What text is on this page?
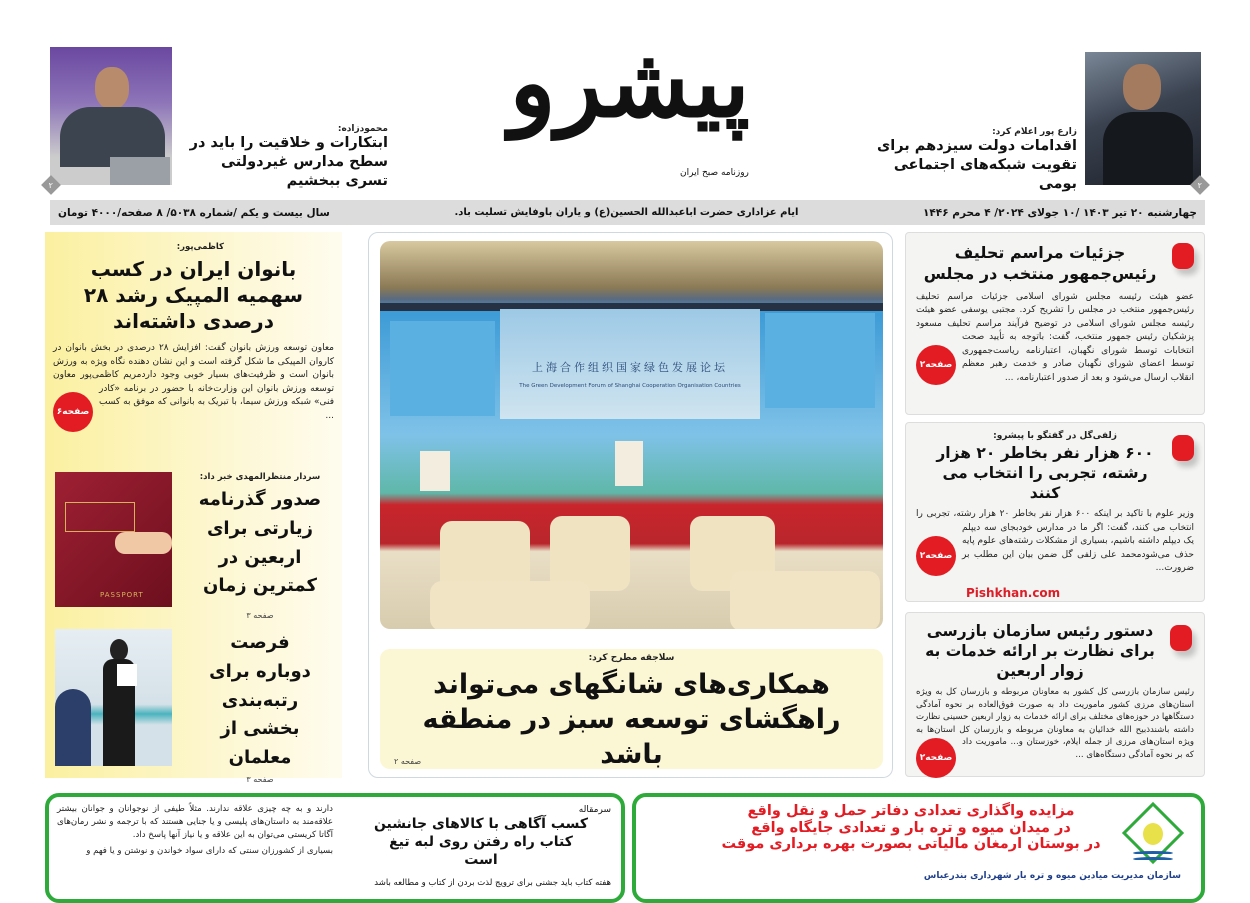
۲
زارع پور اعلام کرد:
اقدامات دولت سیزدهم برای تقویت شبکه‌های اجتماعی بومی
پیشرو
روزنامه صبح ایران
۲
محمودزاده:
ابتکارات و خلاقیت را باید در سطح مدارس غیردولتی تسری ببخشیم
چهارشنبه ۲۰ تیر ۱۴۰۳ /۱۰ جولای ۲۰۲۴/ ۴ محرم ۱۴۴۶
ایام عزاداری حضرت اباعبدالله الحسین(ع) و یاران باوفایش تسلیت باد.
سال بیست و یکم /شماره ۵۰۳۸/ ۸ صفحه/۴۰۰۰ تومان
جزئیات مراسم تحلیف رئیس‌جمهور منتخب در مجلس
صفحه۲
عضو هیئت رئیسه مجلس شورای اسلامی جزئیات مراسم تحلیف رئیس‌جمهور منتخب در مجلس را تشریح کرد. مجتبی یوسفی عضو هیئت رئیسه مجلس شورای اسلامی در توضیح فرآیند مراسم تحلیف مسعود پزشکیان رئیس جمهور منتخب، گفت: باتوجه به تأیید صحت انتخابات توسط شورای نگهبان، اعتبارنامه ریاست‌جمهوری توسط اعضای شورای نگهبان صادر و خدمت رهبر معظم انقلاب ارسال می‌شود و بعد از صدور اعتبارنامه، ...
زلفی‌گل در گفتگو با پیشرو:
۶۰۰ هزار نفر بخاطر ۲۰ هزار رشته، تجربی را انتخاب می کنند
صفحه۲
وزیر علوم با تاکید بر اینکه ۶۰۰ هزار نفر بخاطر ۲۰ هزار رشته، تجربی را انتخاب می کنند، گفت: اگر ما در مدارس خودبجای سه دیپلم یک دیپلم داشته باشیم، بسیاری از مشکلات رشته‌های علوم پایه حذف می‌شودمحمد علی زلفی گل ضمن بیان این مطلب بر ضرورت...
Pishkhan.com
دستور رئیس سازمان بازرسی برای نظارت بر ارائه خدمات به زوار اربعین
صفحه۲
رئیس سازمان بازرسی کل کشور به معاونان مربوطه و بازرسان کل به ویژه استان‌های مرزی کشور ماموریت داد به صورت فوق‌العاده بر نحوه آمادگی دستگاهها در حوزه‌های مختلف برای ارائه خدمات به زوار اربعین حسینی نظارت داشته باشندذبیح الله خدائیان به معاونان مربوطه و بازرسان کل استان‌ها به ویژه استان‌های مرزی از جمله ایلام، خوزستان و... ماموریت داد که بر نحوه آمادگی دستگاه‌های ...
上海合作组织国家绿色发展论坛
The Green Development Forum of Shanghai Cooperation Organisation Countries
سلاجقه مطرح کرد:
همکاری‌های شانگهای می‌تواند راهگشای توسعه سبز در منطقه باشد
صفحه ۲
کاظمی‌پور:
بانوان ایران در کسب سهمیه المپیک رشد ۲۸ درصدی داشته‌اند
صفحه۶
معاون توسعه ورزش بانوان گفت: افزایش ۲۸ درصدی در بخش بانوان در کاروان المپیکی ما شکل گرفته است و این نشان دهنده نگاه ویژه به ورزش بانوان است و ظرفیت‌های بسیار خوبی وجود داردمریم کاظمی‌پور معاون توسعه ورزش بانوان این وزارت‌خانه با حضور در برنامه «کادر فنی» شبکه ورزش سیما، با تبریک به بانوانی که موفق به کسب ...
PASSPORT
سردار منتظرالمهدی خبر داد:
صدور گذرنامه زیارتی برای اربعین در کمترین زمان
صفحه ۳
فرصت دوباره برای رتبه‌بندی بخشی از معلمان
صفحه ۳
سرمقاله
کسب آگاهی با کالاهای جانشین کتاب راه رفتن روی لبه تیغ است
هفته کتاب باید جشنی برای ترویج لذت بردن از کتاب و مطالعه باشد
دارند و به چه چیزی علاقه ندارند. مثلاً طیفی از نوجوانان و جوانان بیشتر علاقه‌مند به داستان‌های پلیسی و یا جنایی هستند که با ترجمه و نشر رمان‌های آگاتا کریستی می‌توان به این علاقه و یا نیاز آنها پاسخ داد.
بسیاری از کشورزان سنتی که دارای سواد خواندن و نوشتن و یا فهم و
مزایده واگذاری تعدادی دفاتر حمل و نقل واقع
در میدان میوه و تره بار و تعدادی جایگاه واقع
در بوستان ارمغان مالیاتی بصورت بهره برداری موقت
سازمان مدیریت میادین میوه و تره بار شهرداری بندرعباس
